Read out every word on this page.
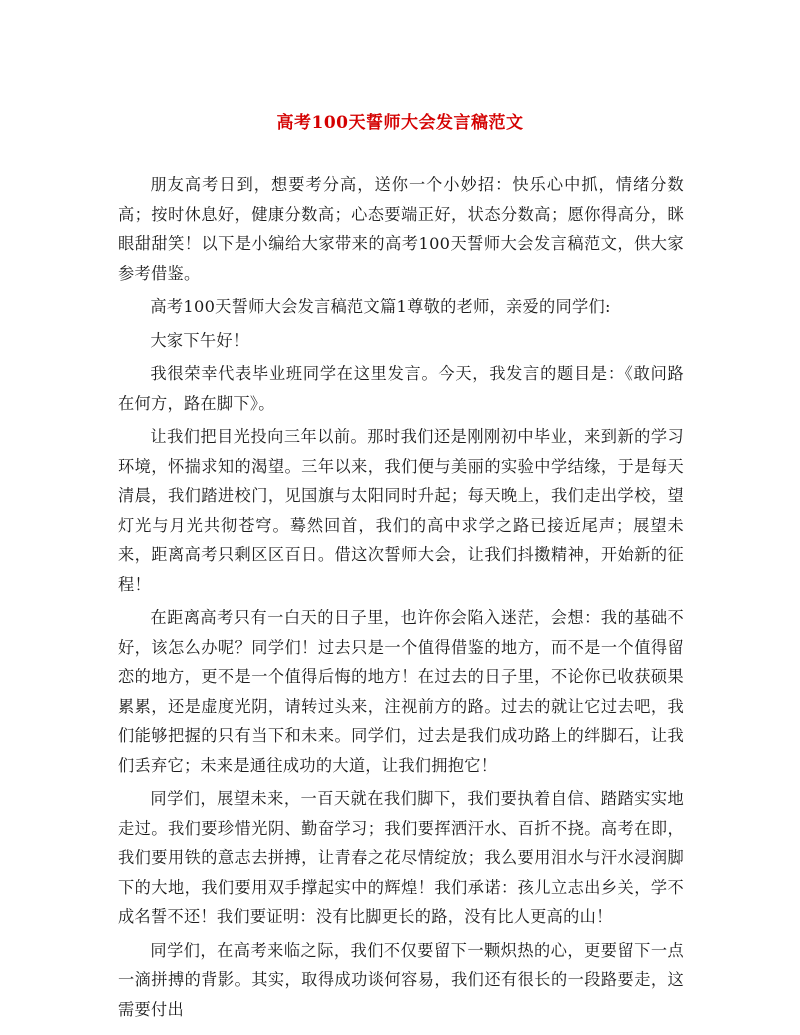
高考100天誓师大会发言稿范文

朋友高考日到，想要考分高，送你一个小妙招：快乐心中抓，情绪分数高；按时休息好，健康分数高；心态要端正好，状态分数高；愿你得高分，眯眼甜甜笑！以下是小编给大家带来的高考100天誓师大会发言稿范文，供大家参考借鉴。

高考100天誓师大会发言稿范文篇1尊敬的老师，亲爱的同学们:

大家下午好！

我很荣幸代表毕业班同学在这里发言。今天，我发言的题目是：《敢问路在何方，路在脚下》。

让我们把目光投向三年以前。那时我们还是刚刚初中毕业，来到新的学习环境，怀揣求知的渴望。三年以来，我们便与美丽的实验中学结缘，于是每天清晨，我们踏进校门，见国旗与太阳同时升起；每天晚上，我们走出学校，望灯光与月光共彻苍穹。蓦然回首，我们的高中求学之路已接近尾声；展望未来，距离高考只剩区区百日。借这次誓师大会，让我们抖擞精神，开始新的征程！

在距离高考只有一白天的日子里，也许你会陷入迷茫，会想：我的基础不好，该怎么办呢？同学们！过去只是一个值得借鉴的地方，而不是一个值得留恋的地方，更不是一个值得后悔的地方！在过去的日子里，不论你已收获硕果累累，还是虚度光阴，请转过头来，注视前方的路。过去的就让它过去吧，我们能够把握的只有当下和未来。同学们，过去是我们成功路上的绊脚石，让我们丢弃它；未来是通往成功的大道，让我们拥抱它！

同学们，展望未来，一百天就在我们脚下，我们要执着自信、踏踏实实地走过。我们要珍惜光阴、勤奋学习；我们要挥洒汗水、百折不挠。高考在即，我们要用铁的意志去拼搏，让青春之花尽情绽放；我么要用泪水与汗水浸润脚下的大地，我们要用双手撑起实中的辉煌！我们承诺：孩儿立志出乡关，学不成名誓不还！我们要证明：没有比脚更长的路，没有比人更高的山！

同学们，在高考来临之际，我们不仅要留下一颗炽热的心，更要留下一点一滴拼搏的背影。其实，取得成功谈何容易，我们还有很长的一段路要走，这需要付出
